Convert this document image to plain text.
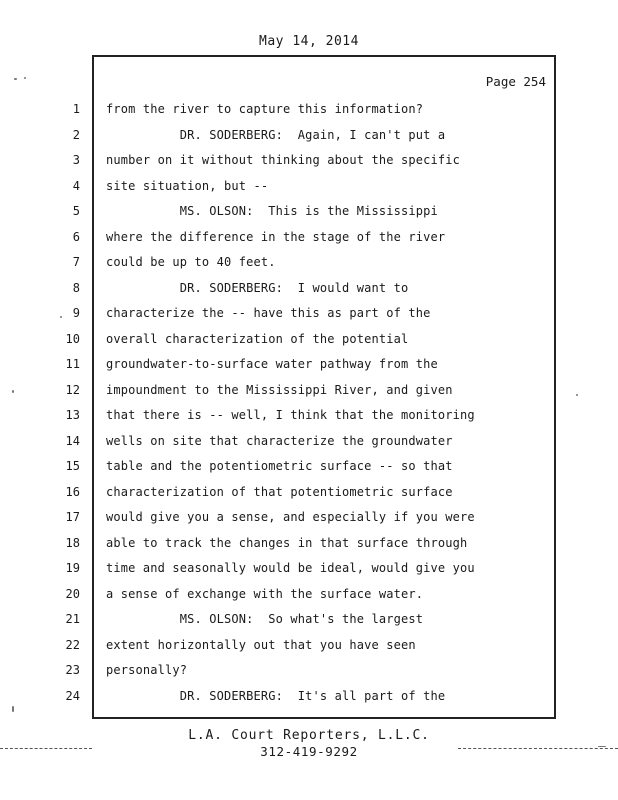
May 14, 2014
Page 254
1
2
3
4
5
6
7
8
9
10
11
12
13
14
15
16
17
18
19
20
21
22
23
24
from the river to capture this information?
DR. SODERBERG:  Again, I can't put a
number on it without thinking about the specific
site situation, but --
MS. OLSON:  This is the Mississippi
where the difference in the stage of the river
could be up to 40 feet.
DR. SODERBERG:  I would want to
characterize the -- have this as part of the
overall characterization of the potential
groundwater-to-surface water pathway from the
impoundment to the Mississippi River, and given
that there is -- well, I think that the monitoring
wells on site that characterize the groundwater
table and the potentiometric surface -- so that
characterization of that potentiometric surface
would give you a sense, and especially if you were
able to track the changes in that surface through
time and seasonally would be ideal, would give you
a sense of exchange with the surface water.
MS. OLSON:  So what's the largest
extent horizontally out that you have seen
personally?
DR. SODERBERG:  It's all part of the
L.A. Court Reporters, L.L.C.
312-419-9292
